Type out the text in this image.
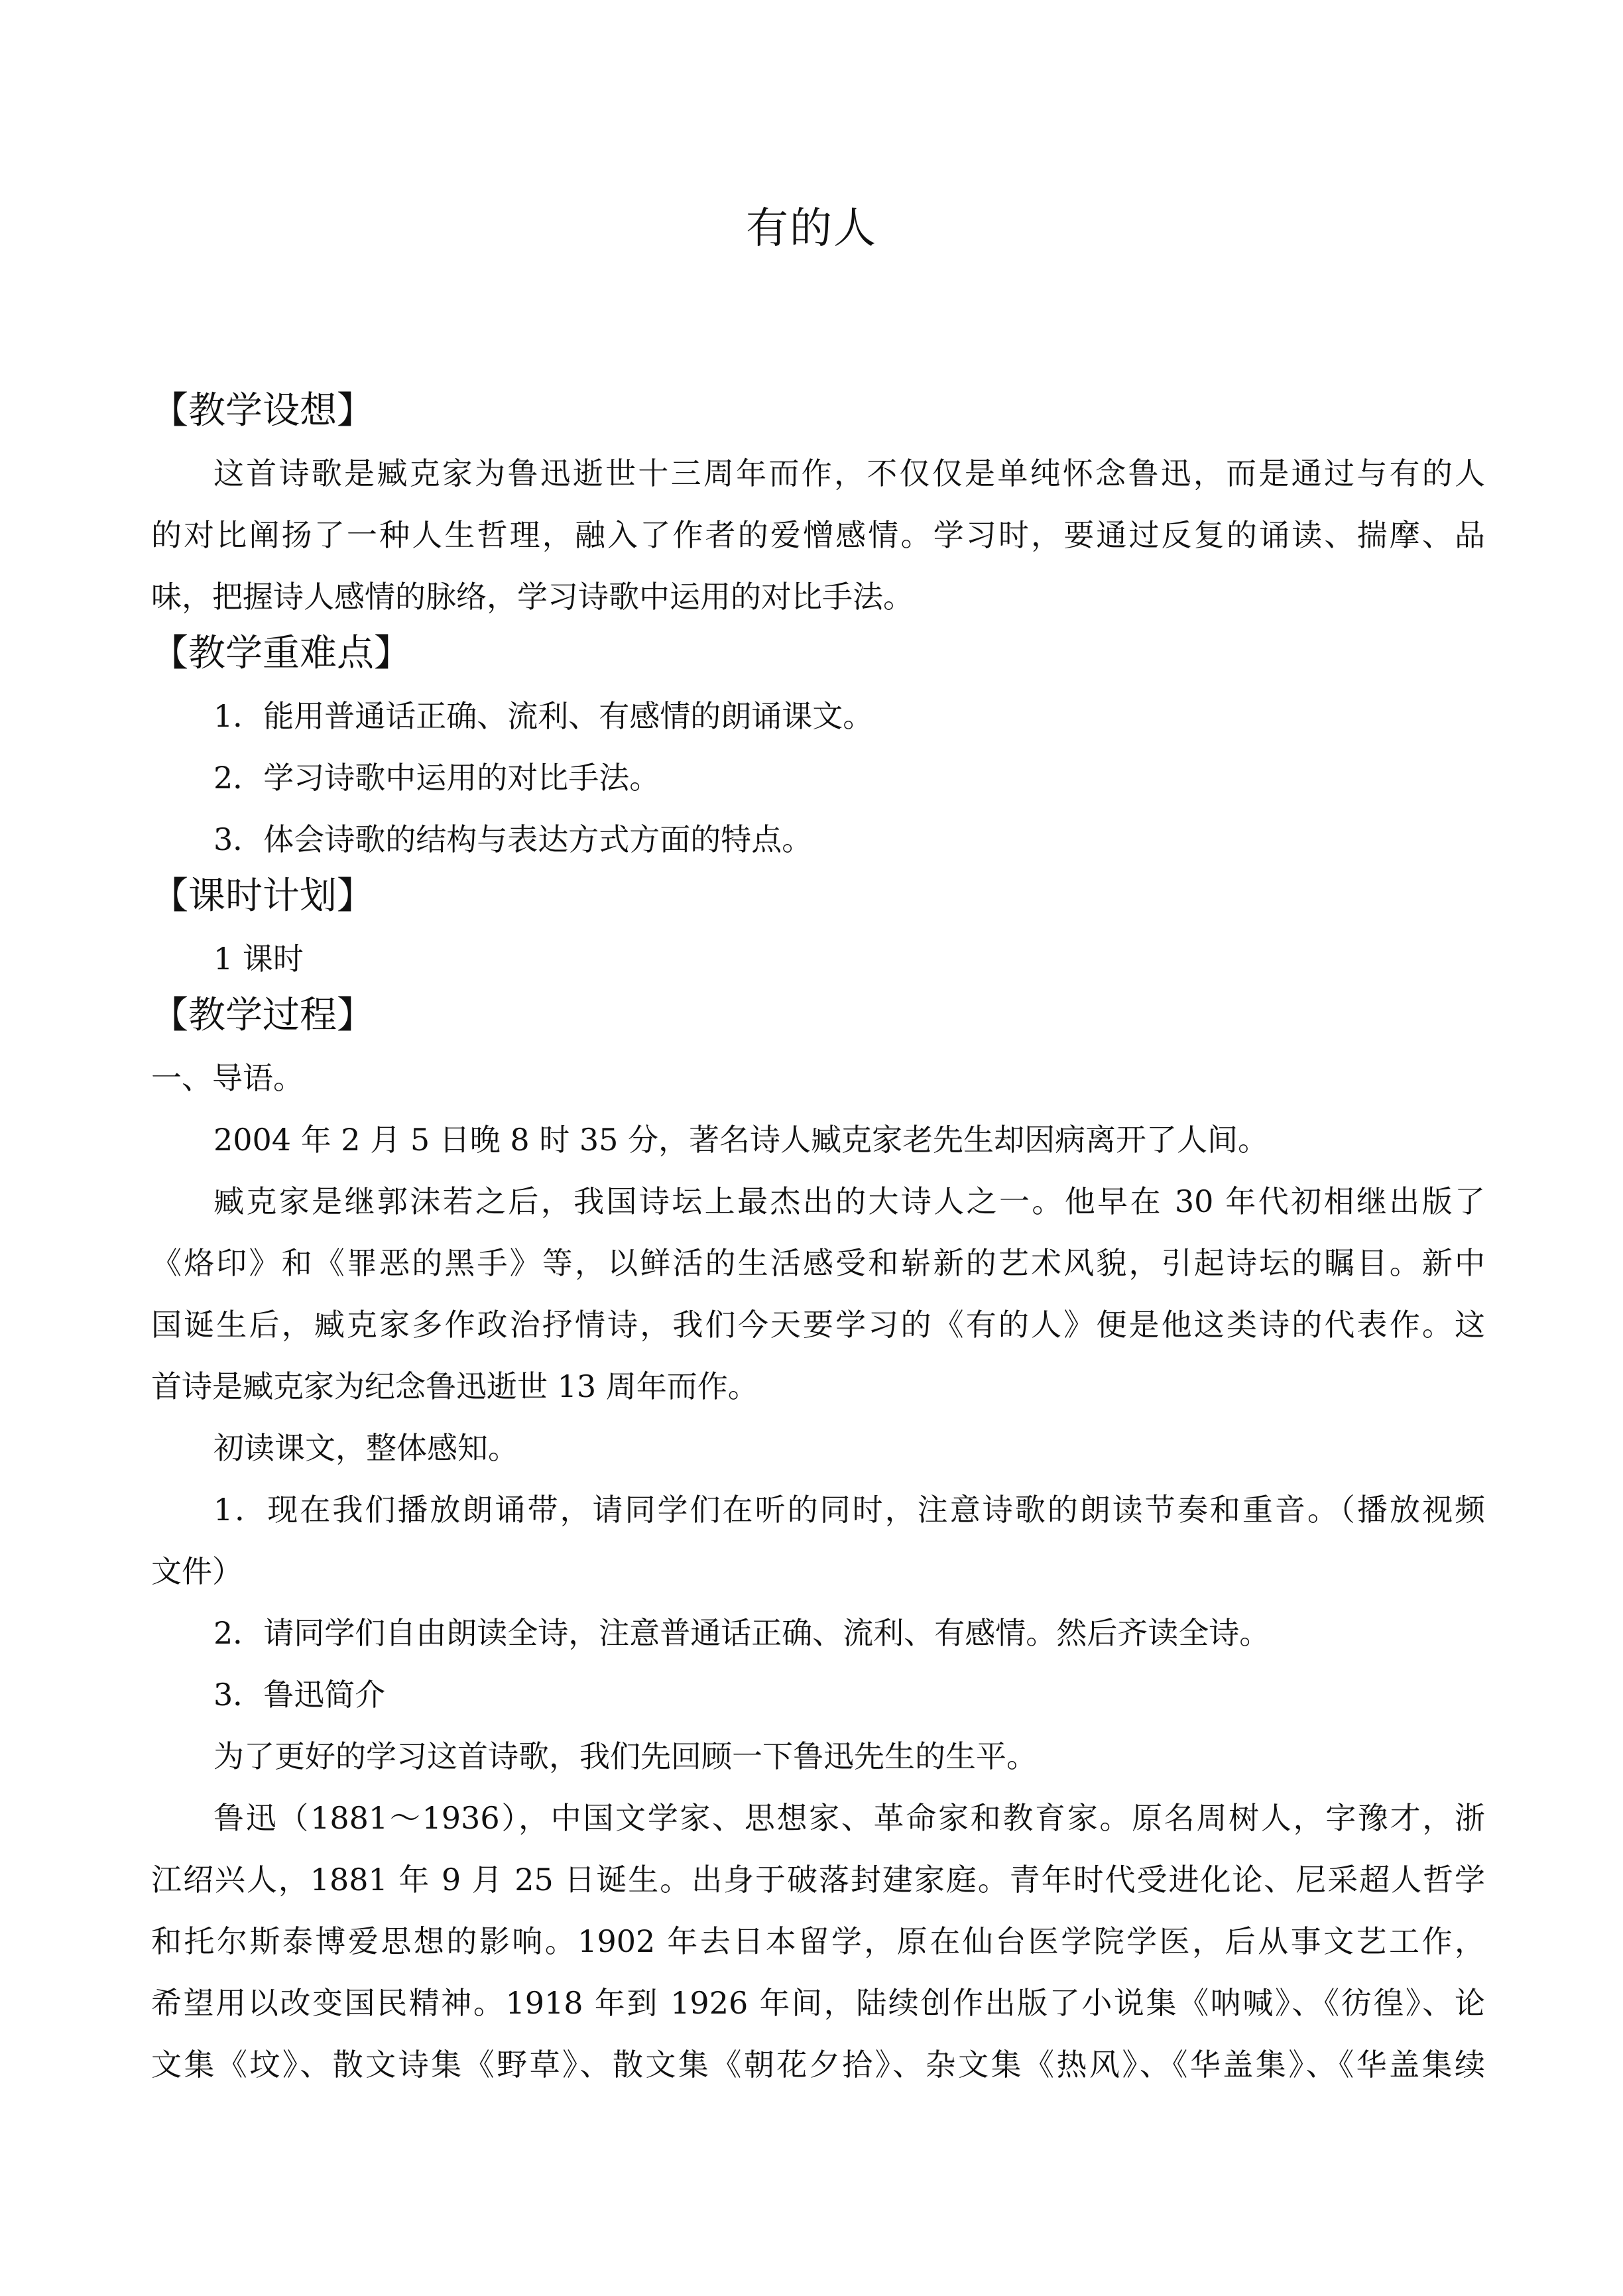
有的人
【教学设想】
这首诗歌是臧克家为鲁迅逝世十三周年而作，不仅仅是单纯怀念鲁迅，而是通过与有的人
的对比阐扬了一种人生哲理，融入了作者的爱憎感情。学习时，要通过反复的诵读、揣摩、品
味，把握诗人感情的脉络，学习诗歌中运用的对比手法。
【教学重难点】
1．能用普通话正确、流利、有感情的朗诵课文。
2．学习诗歌中运用的对比手法。
3．体会诗歌的结构与表达方式方面的特点。
【课时计划】
1 课时
【教学过程】
一、导语。
2004 年 2 月 5 日晚 8 时 35 分，著名诗人臧克家老先生却因病离开了人间。
臧克家是继郭沫若之后，我国诗坛上最杰出的大诗人之一。他早在 30 年代初相继出版了
《烙印》和《罪恶的黑手》等，以鲜活的生活感受和崭新的艺术风貌，引起诗坛的瞩目。新中
国诞生后，臧克家多作政治抒情诗，我们今天要学习的《有的人》便是他这类诗的代表作。这
首诗是臧克家为纪念鲁迅逝世 13 周年而作。
初读课文，整体感知。
1．现在我们播放朗诵带，请同学们在听的同时，注意诗歌的朗读节奏和重音。（播放视频
文件）
2．请同学们自由朗读全诗，注意普通话正确、流利、有感情。然后齐读全诗。
3．鲁迅简介
为了更好的学习这首诗歌，我们先回顾一下鲁迅先生的生平。
鲁迅（1881～1936），中国文学家、思想家、革命家和教育家。原名周树人，字豫才，浙
江绍兴人，1881 年 9 月 25 日诞生。出身于破落封建家庭。青年时代受进化论、尼采超人哲学
和托尔斯泰博爱思想的影响。1902 年去日本留学，原在仙台医学院学医，后从事文艺工作，
希望用以改变国民精神。1918 年到 1926 年间，陆续创作出版了小说集《呐喊》、《彷徨》、论
文集《坟》、散文诗集《野草》、散文集《朝花夕拾》、杂文集《热风》、《华盖集》、《华盖集续
